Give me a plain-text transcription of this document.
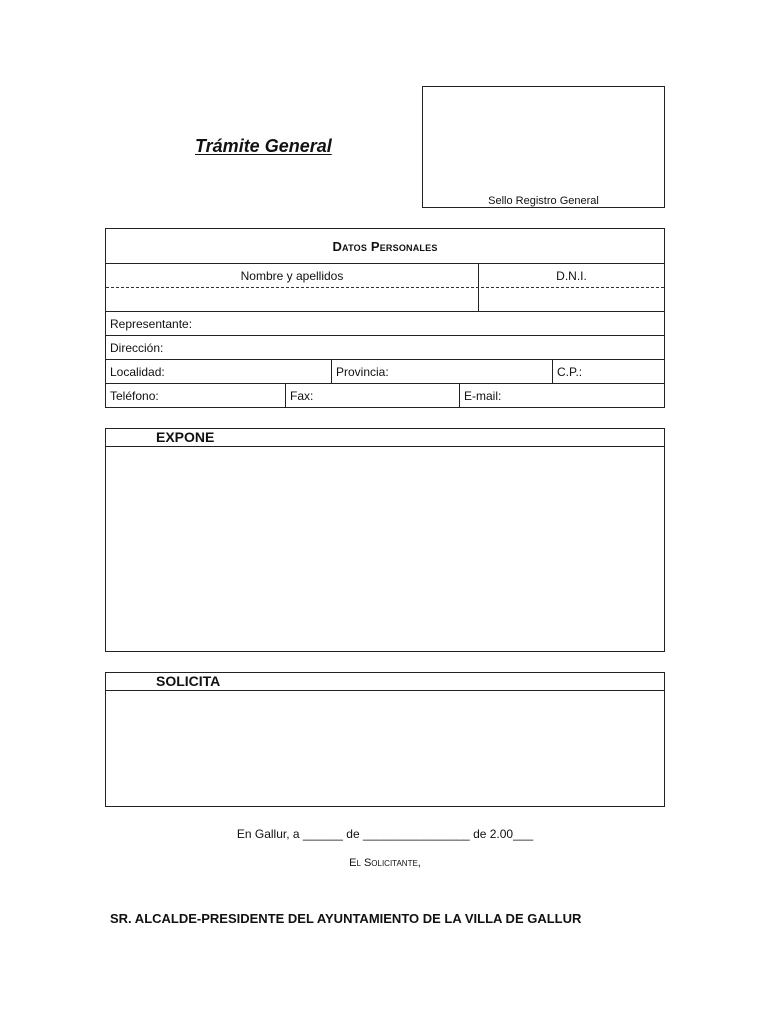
Trámite General
Sello Registro General
Datos Personales
Nombre y apellidos	D.N.I.
Representante:
Dirección:
Localidad:	Provincia:	C.P.:
Teléfono:	Fax:	E-mail:
EXPONE
SOLICITA
En Gallur, a ______ de ________________ de 2.00___
El Solicitante,
SR. ALCALDE-PRESIDENTE DEL AYUNTAMIENTO DE LA VILLA DE GALLUR
